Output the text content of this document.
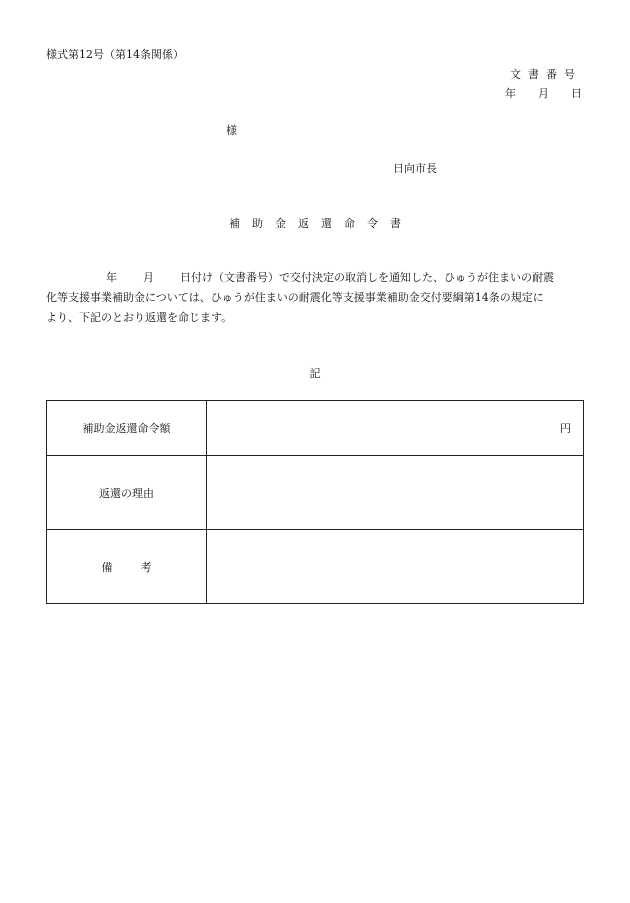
様式第12号（第14条関係）
文書番号
年 月 日
様
日向市長
補助金返還命令書
年 月 日付け（文書番号）で交付決定の取消しを通知した、ひゅうが住まいの耐震
化等支援事業補助金については、ひゅうが住まいの耐震化等支援事業補助金交付要綱第14条の規定に
より、下記のとおり返還を命じます。
記
補助金返還命令額	円
返還の理由	
備考	
